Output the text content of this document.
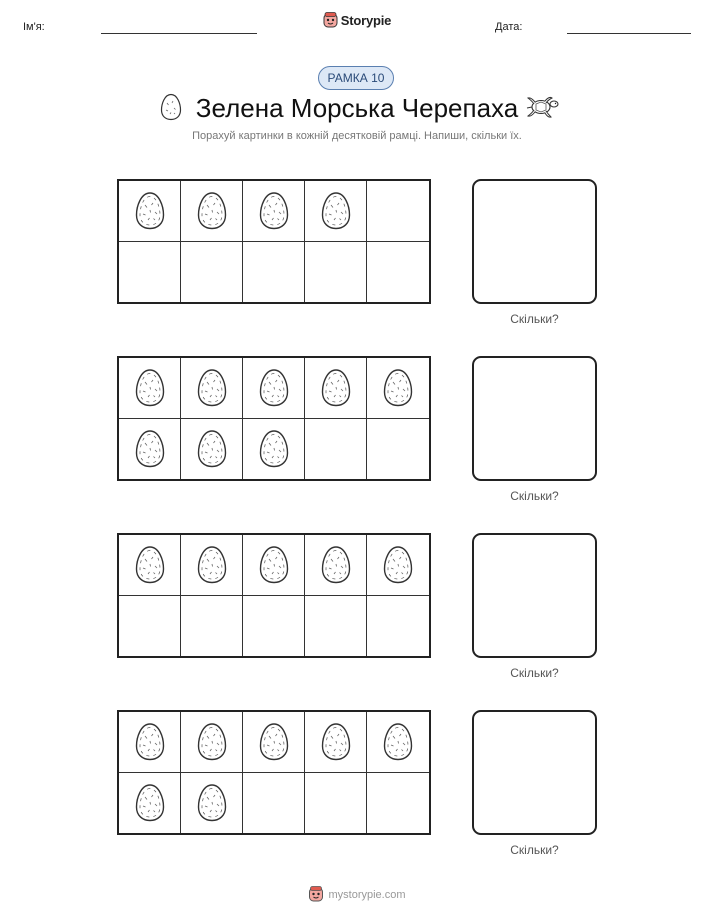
Ім'я:	Storypie	Дата:
РАМКА 10
Зелена Морська Черепаха
Порахуй картинки в кожній десятковій рамці. Напиши, скільки їх.
Скільки?
Скільки?
Скільки?
Скільки?
mystorypie.com
